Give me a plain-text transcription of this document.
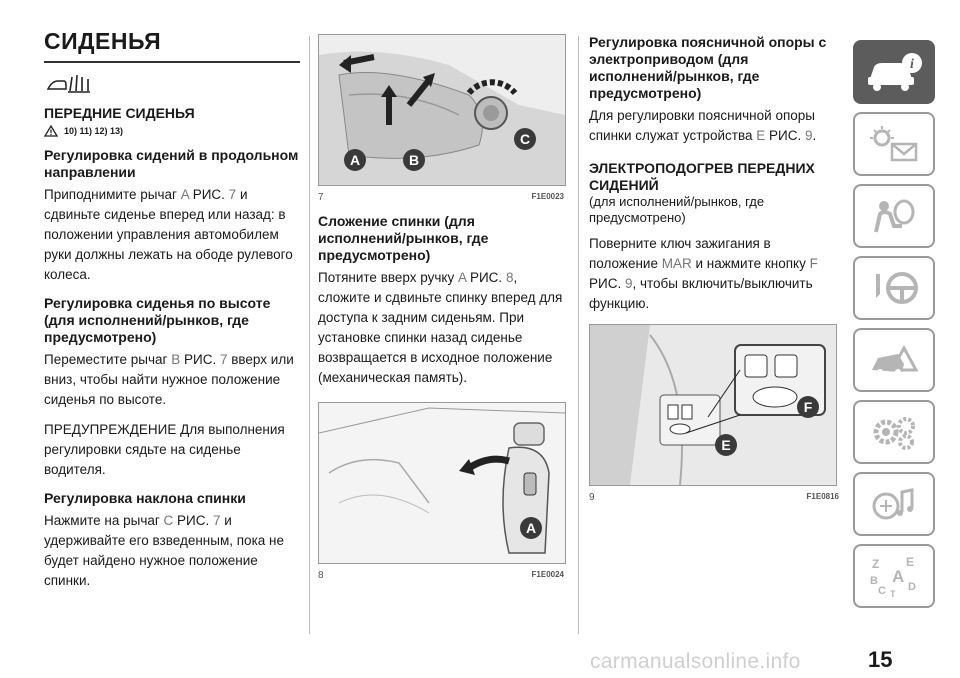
СИДЕНЬЯ
ПЕРЕДНИЕ СИДЕНЬЯ
10) 11) 12) 13)
Регулировка сидений в продольном направлении

Приподнимите рычаг A РИС. 7 и сдвиньте сиденье вперед или назад: в положении управления автомобилем руки должны лежать на ободе рулевого колеса.

Регулировка сиденья по высоте (для исполнений/рынков, где предусмотрено)

Переместите рычаг B РИС. 7 вверх или вниз, чтобы найти нужное положение сиденья по высоте.

ПРЕДУПРЕЖДЕНИЕ Для выполнения регулировки сядьте на сиденье водителя.

Регулировка наклона спинки

Нажмите на рычаг C РИС. 7 и удерживайте его взведенным, пока не будет найдено нужное положение спинки.

A	B
C
7	F1E0023
Сложение спинки (для исполнений/рынков, где предусмотрено)

Потяните вверх ручку A РИС. 8, сложите и сдвиньте спинку вперед для доступа к задним сиденьям. При установке спинки назад сиденье возвращается в исходное положение (механическая память).

A
8	F1E0024
Регулировка поясничной опоры с электроприводом (для исполнений/рынков, где предусмотрено)

Для регулировки поясничной опоры спинки служат устройства E РИС. 9.

ЭЛЕКТРОПОДОГРЕВ ПЕРЕДНИХ СИДЕНИЙ
(для исполнений/рынков, где предусмотрено)

Поверните ключ зажигания в положение MAR и нажмите кнопку F РИС. 9, чтобы включить/выключить функцию.

E
F
9	F1E0816
i
Z E
B A
C D
T
15
carmanualsonline.info
